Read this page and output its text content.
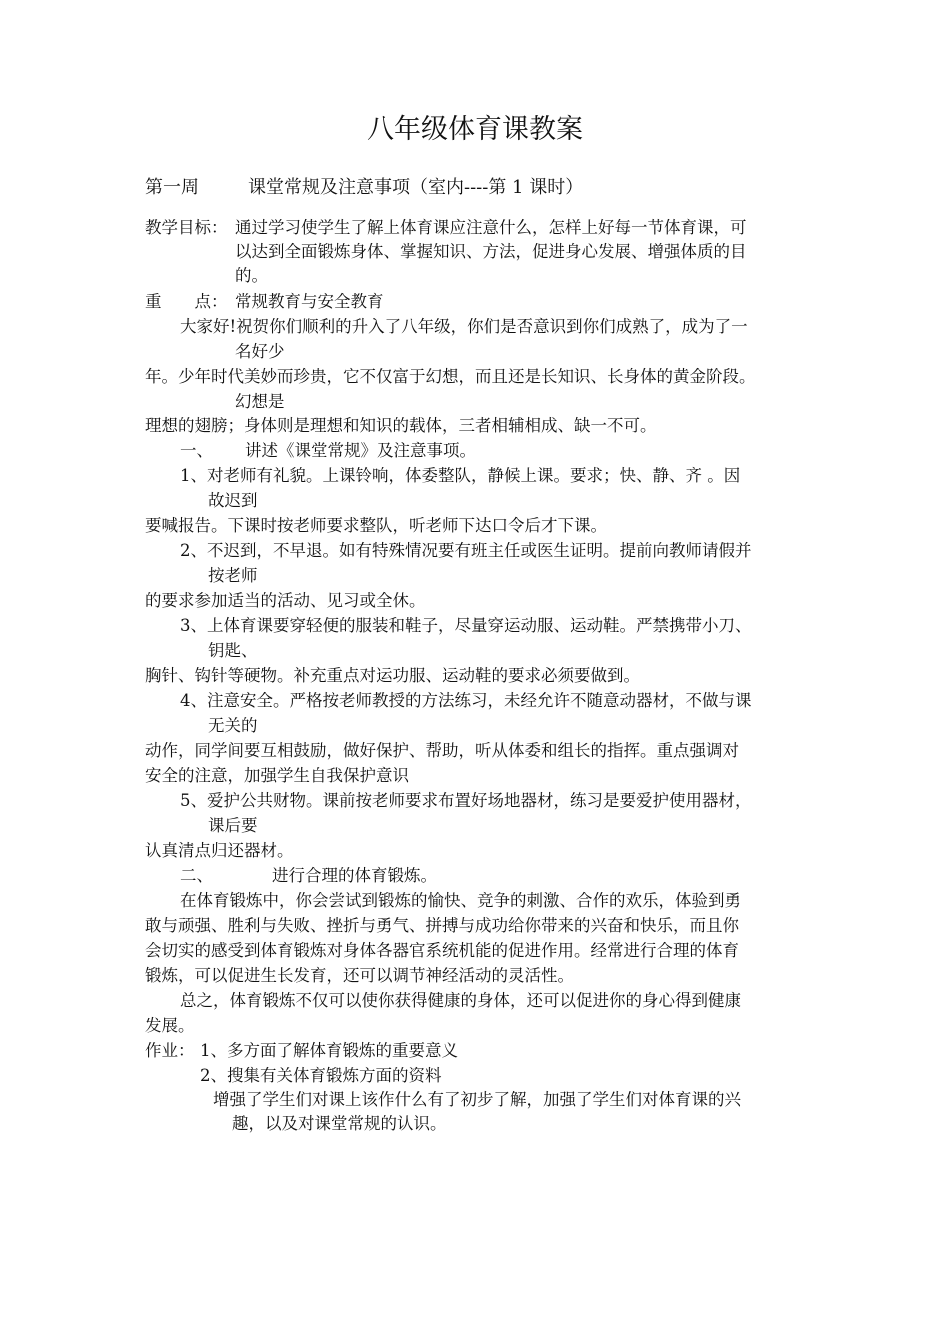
八年级体育课教案
第一周	课堂常规及注意事项（室内----第 1 课时）
教学目标： 通过学习使学生了解上体育课应注意什么，怎样上好每一节体育课，可
以达到全面锻炼身体、掌握知识、方法，促进身心发展、增强体质的目
的。
重　　点： 常规教育与安全教育
大家好!祝贺你们顺利的升入了八年级，你们是否意识到你们成熟了，成为了一
名好少
年。少年时代美妙而珍贵，它不仅富于幻想，而且还是长知识、长身体的黄金阶段。
幻想是
理想的翅膀；身体则是理想和知识的载体，三者相辅相成、缺一不可。
一、 讲述《课堂常规》及注意事项。
1、对老师有礼貌。上课铃响，体委整队，静候上课。要求；快、静、齐 。因
故迟到
要喊报告。下课时按老师要求整队，听老师下达口令后才下课。
2、不迟到，不早退。如有特殊情况要有班主任或医生证明。提前向教师请假并
按老师
的要求参加适当的活动、见习或全休。
3、上体育课要穿轻便的服装和鞋子，尽量穿运动服、运动鞋。严禁携带小刀、
钥匙、
胸针、钩针等硬物。补充重点对运功服、运动鞋的要求必须要做到。
4、注意安全。严格按老师教授的方法练习，未经允许不随意动器材，不做与课
无关的
动作，同学间要互相鼓励，做好保护、帮助，听从体委和组长的指挥。重点强调对
安全的注意，加强学生自我保护意识
5、爱护公共财物。课前按老师要求布置好场地器材，练习是要爱护使用器材，
课后要
认真清点归还器材。
二、	进行合理的体育锻炼。
在体育锻炼中，你会尝试到锻炼的愉快、竞争的刺激、合作的欢乐，体验到勇
敢与顽强、胜利与失败、挫折与勇气、拼搏与成功给你带来的兴奋和快乐，而且你
会切实的感受到体育锻炼对身体各器官系统机能的促进作用。经常进行合理的体育
锻炼，可以促进生长发育，还可以调节神经活动的灵活性。
总之，体育锻炼不仅可以使你获得健康的身体，还可以促进你的身心得到健康
发展。
作业： 1、多方面了解体育锻炼的重要意义
2、搜集有关体育锻炼方面的资料
增强了学生们对课上该作什么有了初步了解，加强了学生们对体育课的兴
趣，以及对课堂常规的认识。
